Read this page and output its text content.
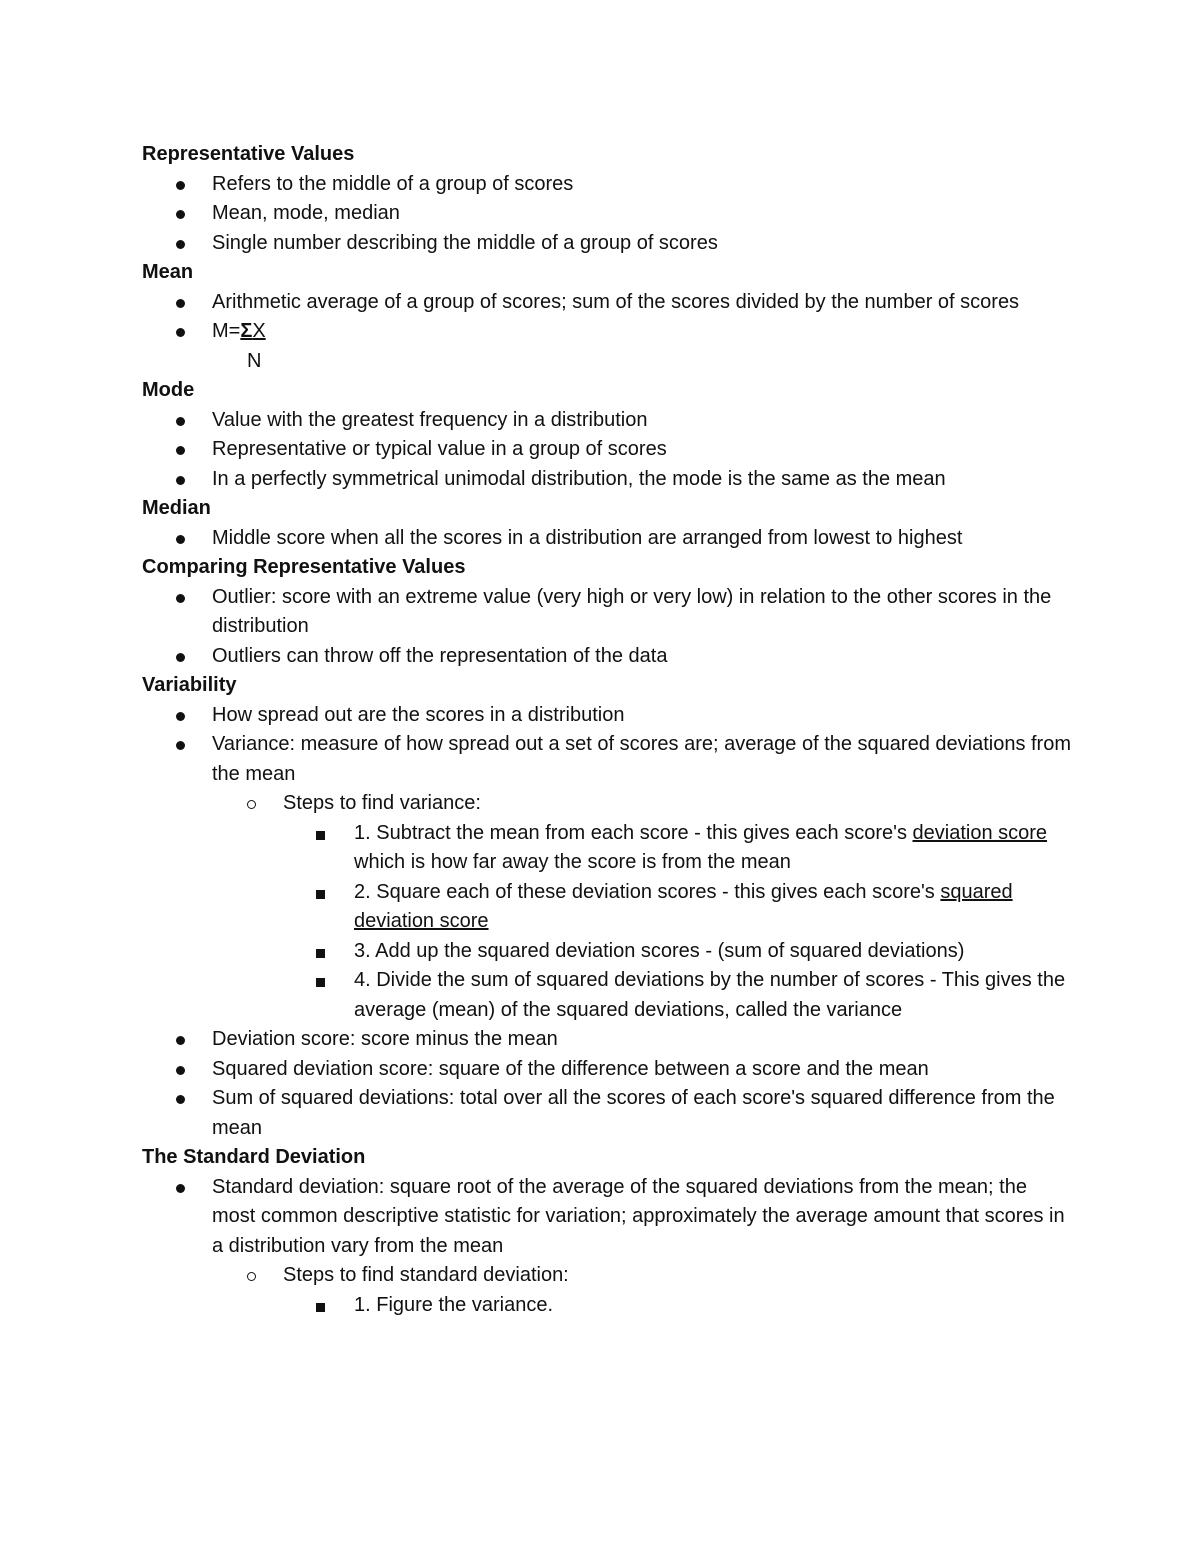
Representative Values

Refers to the middle of a group of scores
Mean, mode, median
Single number describing the middle of a group of scores

Mean

Arithmetic average of a group of scores; sum of the scores divided by the number of scores
M=ΣX
N

Mode

Value with the greatest frequency in a distribution
Representative or typical value in a group of scores
In a perfectly symmetrical unimodal distribution, the mode is the same as the mean

Median

Middle score when all the scores in a distribution are arranged from lowest to highest

Comparing Representative Values

Outlier: score with an extreme value (very high or very low) in relation to the other scores in the distribution
Outliers can throw off the representation of the data

Variability

How spread out are the scores in a distribution
Variance: measure of how spread out a set of scores are; average of the squared deviations from the mean
Steps to find variance:
1. Subtract the mean from each score - this gives each score's deviation score which is how far away the score is from the mean
2. Square each of these deviation scores - this gives each score's squared deviation score
3. Add up the squared deviation scores - (sum of squared deviations)
4. Divide the sum of squared deviations by the number of scores - This gives the average (mean) of the squared deviations, called the variance
Deviation score: score minus the mean
Squared deviation score: square of the difference between a score and the mean
Sum of squared deviations: total over all the scores of each score's squared difference from the mean

The Standard Deviation

Standard deviation: square root of the average of the squared deviations from the mean; the most common descriptive statistic for variation; approximately the average amount that scores in a distribution vary from the mean
Steps to find standard deviation:
1. Figure the variance.
